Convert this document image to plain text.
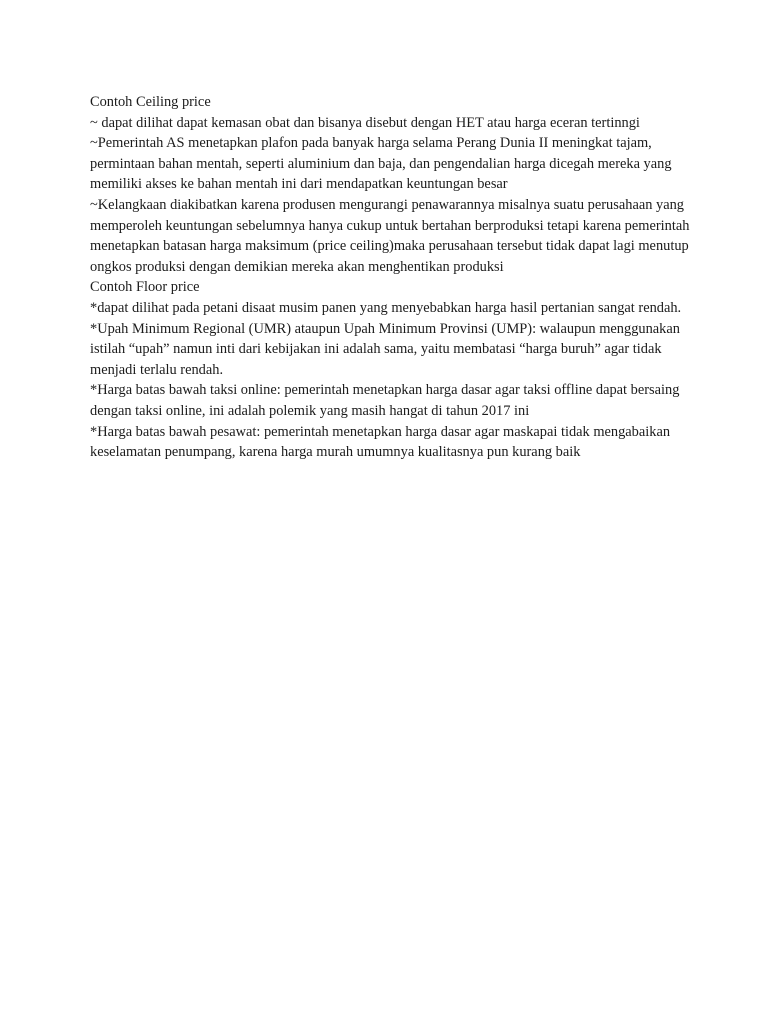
Contoh Ceiling price

~ dapat dilihat dapat kemasan obat dan bisanya disebut dengan HET atau harga eceran tertinngi

~Pemerintah AS menetapkan plafon pada banyak harga selama Perang Dunia II meningkat tajam, permintaan bahan mentah, seperti aluminium dan baja, dan pengendalian harga dicegah mereka yang memiliki akses ke bahan mentah ini dari mendapatkan keuntungan besar

~Kelangkaan diakibatkan karena produsen mengurangi penawarannya misalnya suatu perusahaan yang memperoleh keuntungan sebelumnya hanya cukup untuk bertahan berproduksi tetapi karena pemerintah menetapkan batasan harga maksimum (price ceiling)maka perusahaan tersebut tidak dapat lagi menutup ongkos produksi dengan demikian mereka akan menghentikan produksi

Contoh Floor price

*dapat dilihat pada petani disaat musim panen yang menyebabkan harga hasil pertanian sangat rendah.

*Upah Minimum Regional (UMR) ataupun Upah Minimum Provinsi (UMP): walaupun menggunakan istilah “upah” namun inti dari kebijakan ini adalah sama, yaitu membatasi “harga buruh” agar tidak menjadi terlalu rendah.

*Harga batas bawah taksi online: pemerintah menetapkan harga dasar agar taksi offline dapat bersaing dengan taksi online, ini adalah polemik yang masih hangat di tahun 2017 ini

*Harga batas bawah pesawat: pemerintah menetapkan harga dasar agar maskapai tidak mengabaikan keselamatan penumpang, karena harga murah umumnya kualitasnya pun kurang baik
